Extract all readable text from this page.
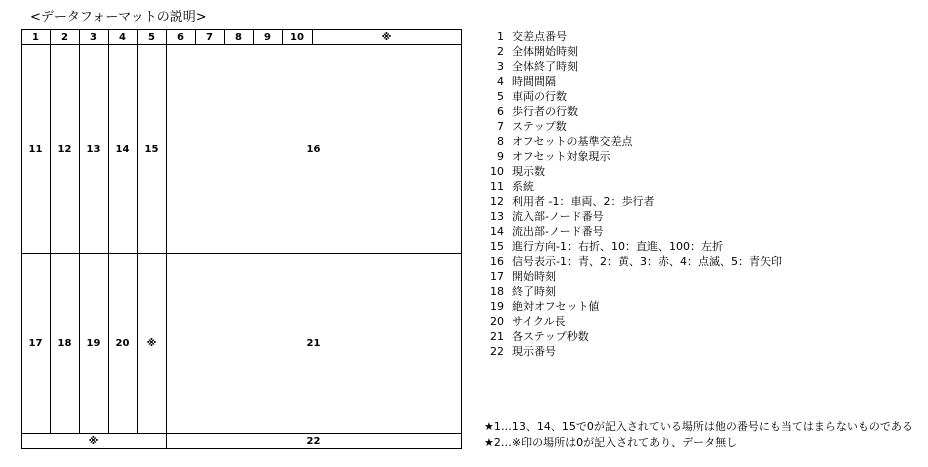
<データフォーマットの説明>
1	2	3	4	5	6	7	8	9	10	※
11	12	13	14	15	16
17	18	19	20	※	21
※	22
1 交差点番号
2 全体開始時刻
3 全体終了時刻
4 時間間隔
5 車両の行数
6 歩行者の行数
7 ステップ数
8 オフセットの基準交差点
9 オフセット対象現示
10 現示数
11 系統
12 利用者 -1：車両、2：歩行者
13 流入部-ノード番号
14 流出部-ノード番号
15 進行方向-1：右折、10：直進、100：左折
16 信号表示-1：青、2：黄、3：赤、4：点滅、5：青矢印
17 開始時刻
18 終了時刻
19 絶対オフセット値
20 サイクル長
21 各ステップ秒数
22 現示番号
★1…13、14、15で0が記入されている場所は他の番号にも当てはまらないものである
★2…※印の場所は0が記入されてあり、データ無し
